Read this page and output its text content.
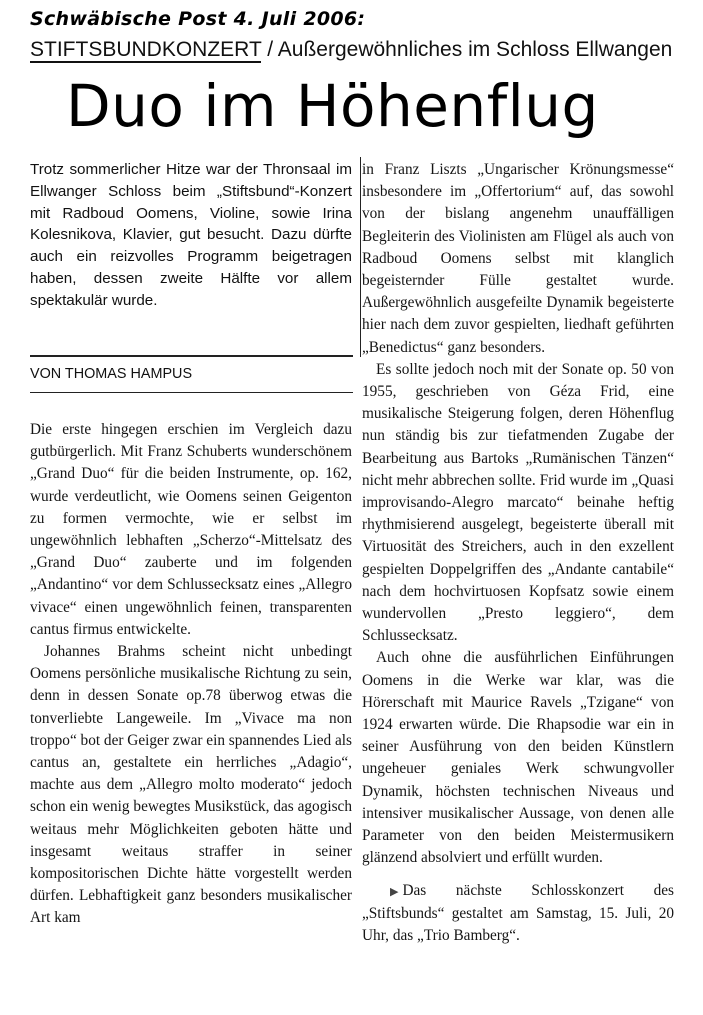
Schwäbische Post 4. Juli 2006:
STIFTSBUNDKONZERT / Außergewöhnliches im Schloss Ellwangen
Duo im Höhenflug
Trotz sommerlicher Hitze war der Thronsaal im Ellwanger Schloss beim „Stiftsbund“-Konzert mit Radboud Oomens, Violine, sowie Irina Kolesnikova, Klavier, gut besucht. Dazu dürfte auch ein reizvolles Programm beigetragen haben, dessen zweite Hälfte vor allem spektakulär wurde.
VON THOMAS HAMPUS

Die erste hingegen erschien im Vergleich dazu gutbürgerlich. Mit Franz Schuberts wunderschönem „Grand Duo“ für die beiden Instrumente, op. 162, wurde verdeutlicht, wie Oomens seinen Geigenton zu formen vermochte, wie er selbst im ungewöhnlich lebhaften „Scherzo“-Mittelsatz des „Grand Duo“ zauberte und im folgenden „Andantino“ vor dem Schlussecksatz eines „Allegro vivace“ einen ungewöhnlich feinen, transparenten cantus firmus entwickelte.

Johannes Brahms scheint nicht unbedingt Oomens persönliche musikalische Richtung zu sein, denn in dessen Sonate op.78 überwog etwas die tonverliebte Langeweile. Im „Vivace ma non troppo“ bot der Geiger zwar ein spannendes Lied als cantus an, gestaltete ein herrliches „Adagio“, machte aus dem „Allegro molto moderato“ jedoch schon ein wenig bewegtes Musikstück, das agogisch weitaus mehr Möglichkeiten geboten hätte und insgesamt weitaus straffer in seiner kompositorischen Dichte hätte vorgestellt werden dürfen. Lebhaftigkeit ganz besonders musikalischer Art kam

in Franz Liszts „Ungarischer Krönungsmesse“ insbesondere im „Offertorium“ auf, das sowohl von der bislang angenehm unauffälligen Begleiterin des Violinisten am Flügel als auch von Radboud Oomens selbst mit klanglich begeisternder Fülle gestaltet wurde. Außergewöhnlich ausgefeilte Dynamik begeisterte hier nach dem zuvor gespielten, liedhaft geführten „Benedictus“ ganz besonders.

Es sollte jedoch noch mit der Sonate op. 50 von 1955, geschrieben von Géza Frid, eine musikalische Steigerung folgen, deren Höhenflug nun ständig bis zur tiefatmenden Zugabe der Bearbeitung aus Bartoks „Rumänischen Tänzen“ nicht mehr abbrechen sollte. Frid wurde im „Quasi improvisando-Alegro marcato“ beinahe heftig rhythmisierend ausgelegt, begeisterte überall mit Virtuosität des Streichers, auch in den exzellent gespielten Doppelgriffen des „Andante cantabile“ nach dem hochvirtuosen Kopfsatz sowie einem wundervollen „Presto leggiero“, dem Schlussecksatz.

Auch ohne die ausführlichen Einführungen Oomens in die Werke war klar, was die Hörerschaft mit Maurice Ravels „Tzigane“ von 1924 erwarten würde. Die Rhapsodie war ein in seiner Ausführung von den beiden Künstlern ungeheuer geniales Werk schwungvoller Dynamik, höchsten technischen Niveaus und intensiver musikalischer Aussage, von denen alle Parameter von den beiden Meistermusikern glänzend absolviert und erfüllt wurden.

▶ Das nächste Schlosskonzert des „Stiftsbunds“ gestaltet am Samstag, 15. Juli, 20 Uhr, das „Trio Bamberg“.
